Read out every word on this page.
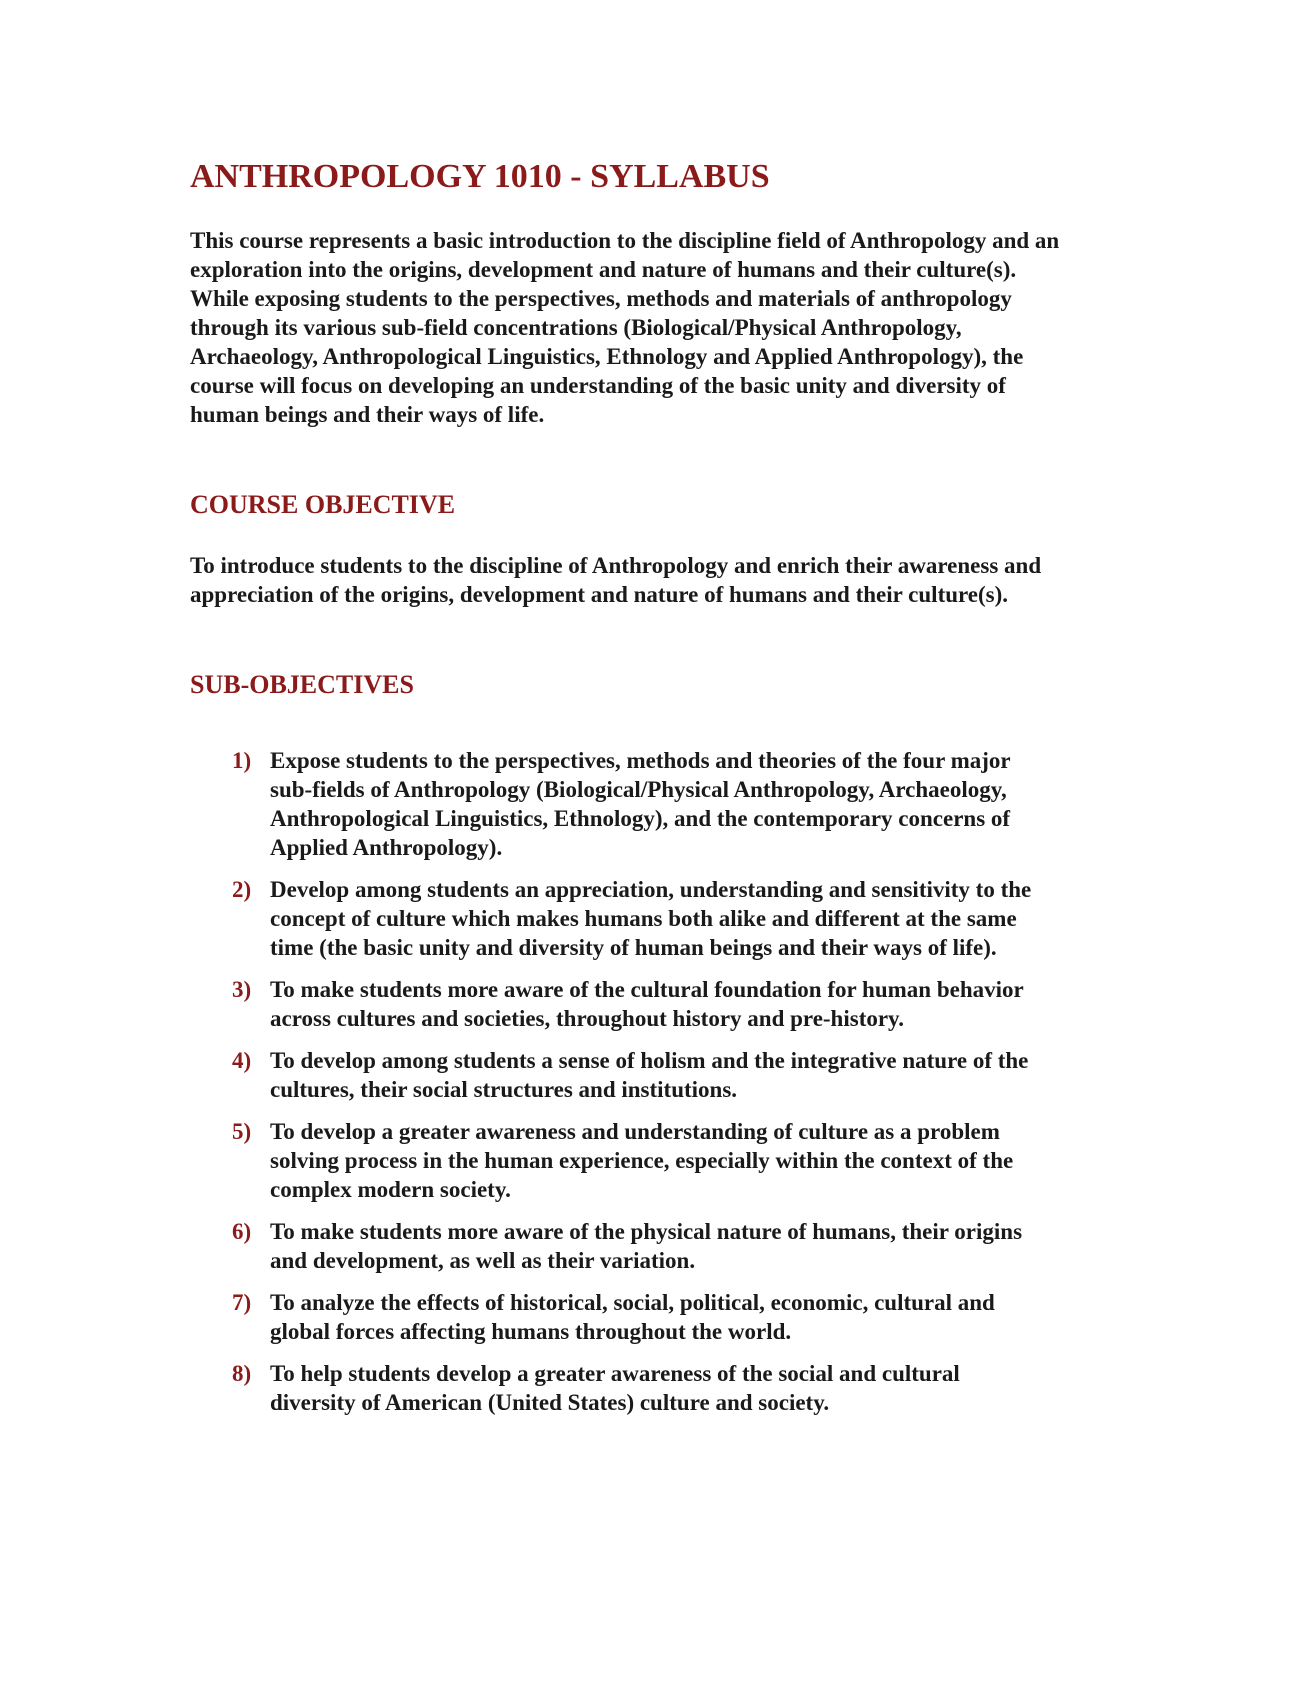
ANTHROPOLOGY 1010 - SYLLABUS

This course represents a basic introduction to the discipline field of Anthropology and an exploration into the origins, development and nature of humans and their culture(s). While exposing students to the perspectives, methods and materials of anthropology through its various sub-field concentrations (Biological/Physical Anthropology, Archaeology, Anthropological Linguistics, Ethnology and Applied Anthropology), the course will focus on developing an understanding of the basic unity and diversity of human beings and their ways of life.

COURSE OBJECTIVE

To introduce students to the discipline of Anthropology and enrich their awareness and appreciation of the origins, development and nature of humans and their culture(s).

SUB-OBJECTIVES
1) Expose students to the perspectives, methods and theories of the four major sub-fields of Anthropology (Biological/Physical Anthropology, Archaeology, Anthropological Linguistics, Ethnology), and the contemporary concerns of Applied Anthropology).
2) Develop among students an appreciation, understanding and sensitivity to the concept of culture which makes humans both alike and different at the same time (the basic unity and diversity of human beings and their ways of life).
3) To make students more aware of the cultural foundation for human behavior across cultures and societies, throughout history and pre-history.
4) To develop among students a sense of holism and the integrative nature of the cultures, their social structures and institutions.
5) To develop a greater awareness and understanding of culture as a problem solving process in the human experience, especially within the context of the complex modern society.
6) To make students more aware of the physical nature of humans, their origins and development, as well as their variation.
7) To analyze the effects of historical, social, political, economic, cultural and global forces affecting humans throughout the world.
8) To help students develop a greater awareness of the social and cultural diversity of American (United States) culture and society.
